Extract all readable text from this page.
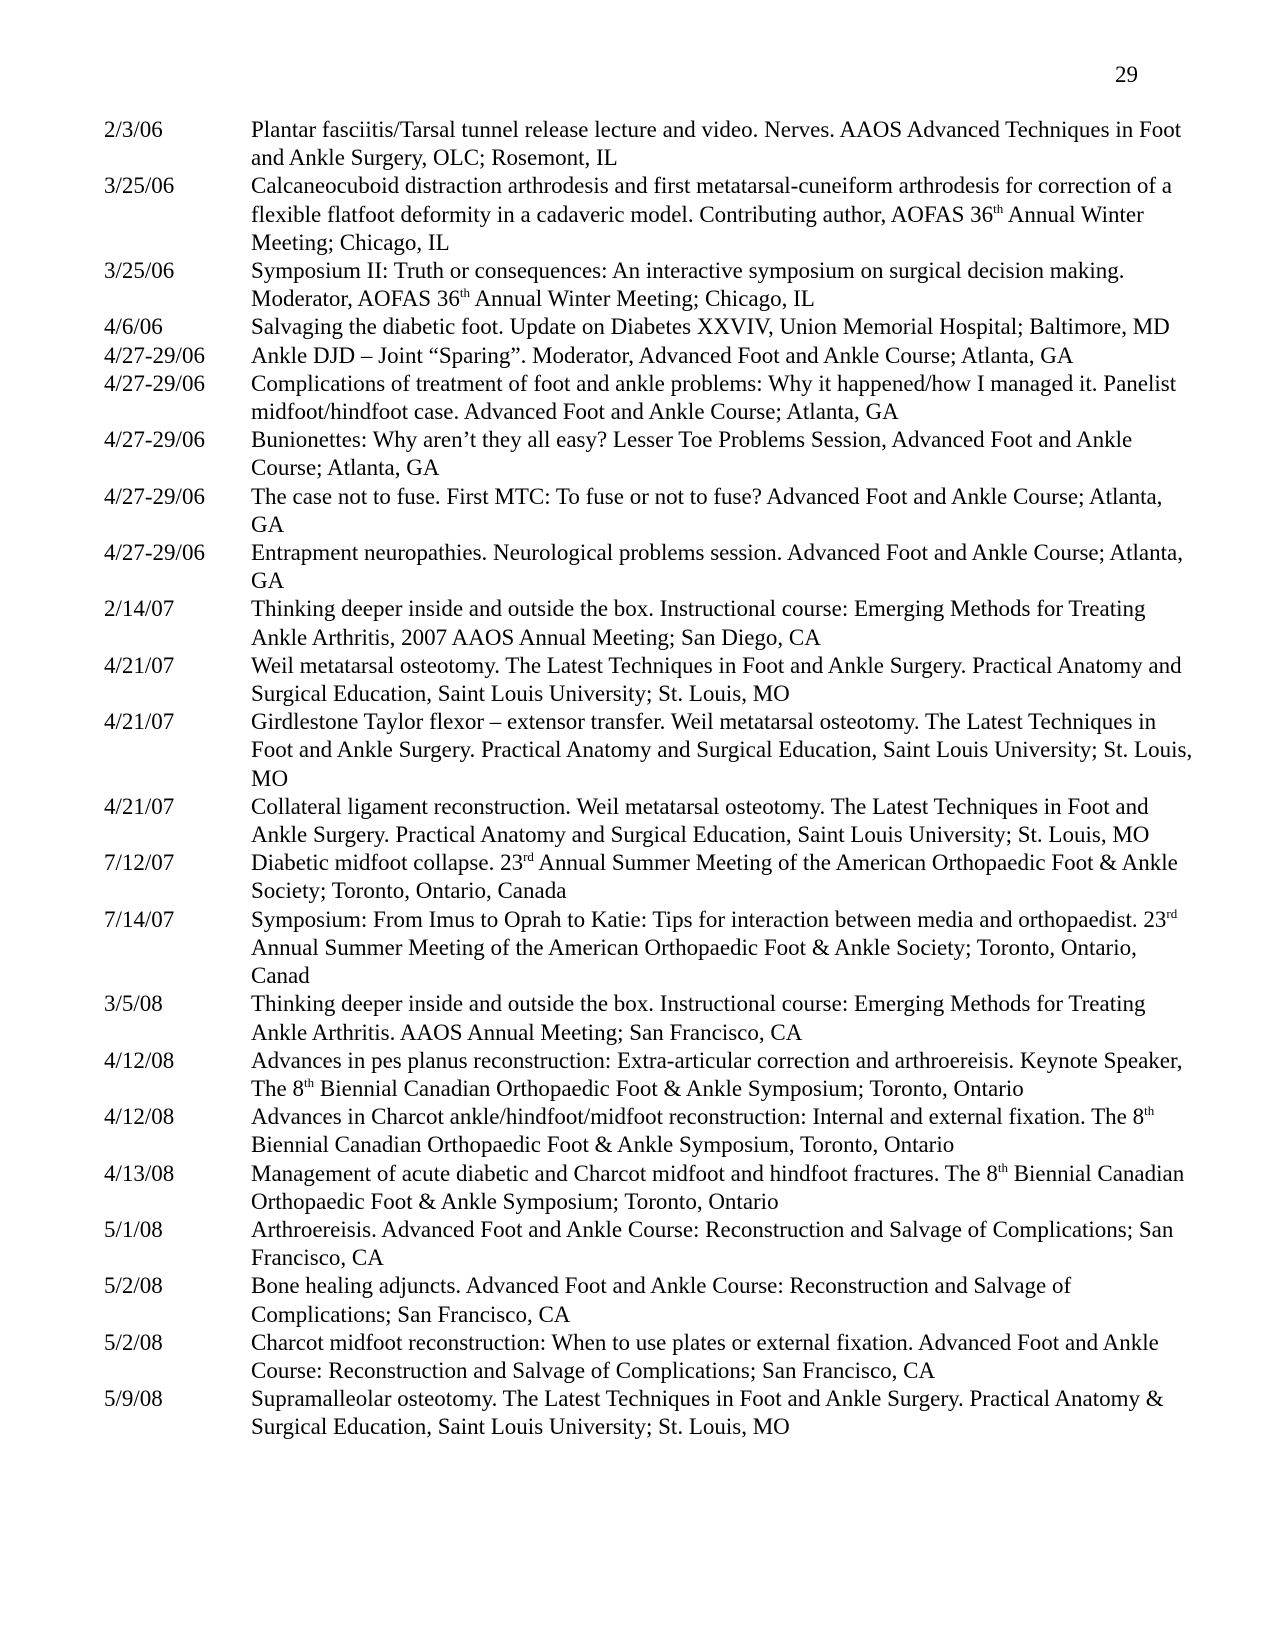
29
2/3/06	Plantar fasciitis/Tarsal tunnel release lecture and video. Nerves. AAOS Advanced Techniques in Foot and Ankle Surgery, OLC; Rosemont, IL
3/25/06	Calcaneocuboid distraction arthrodesis and first metatarsal-cuneiform arthrodesis for correction of a flexible flatfoot deformity in a cadaveric model. Contributing author, AOFAS 36th Annual Winter Meeting; Chicago, IL
3/25/06	Symposium II: Truth or consequences: An interactive symposium on surgical decision making. Moderator, AOFAS 36th Annual Winter Meeting; Chicago, IL
4/6/06	Salvaging the diabetic foot. Update on Diabetes XXVIV, Union Memorial Hospital; Baltimore, MD
4/27-29/06	Ankle DJD – Joint “Sparing”. Moderator, Advanced Foot and Ankle Course; Atlanta, GA
4/27-29/06	Complications of treatment of foot and ankle problems: Why it happened/how I managed it. Panelist midfoot/hindfoot case. Advanced Foot and Ankle Course; Atlanta, GA
4/27-29/06	Bunionettes: Why aren’t they all easy? Lesser Toe Problems Session, Advanced Foot and Ankle Course; Atlanta, GA
4/27-29/06	The case not to fuse. First MTC: To fuse or not to fuse? Advanced Foot and Ankle Course; Atlanta, GA
4/27-29/06	Entrapment neuropathies. Neurological problems session. Advanced Foot and Ankle Course; Atlanta, GA
2/14/07	Thinking deeper inside and outside the box. Instructional course: Emerging Methods for Treating Ankle Arthritis, 2007 AAOS Annual Meeting; San Diego, CA
4/21/07	Weil metatarsal osteotomy. The Latest Techniques in Foot and Ankle Surgery. Practical Anatomy and Surgical Education, Saint Louis University; St. Louis, MO
4/21/07	Girdlestone Taylor flexor – extensor transfer. Weil metatarsal osteotomy. The Latest Techniques in Foot and Ankle Surgery. Practical Anatomy and Surgical Education, Saint Louis University; St. Louis, MO
4/21/07	Collateral ligament reconstruction. Weil metatarsal osteotomy. The Latest Techniques in Foot and Ankle Surgery. Practical Anatomy and Surgical Education, Saint Louis University; St. Louis, MO
7/12/07	Diabetic midfoot collapse. 23rd Annual Summer Meeting of the American Orthopaedic Foot & Ankle Society; Toronto, Ontario, Canada
7/14/07	Symposium: From Imus to Oprah to Katie: Tips for interaction between media and orthopaedist. 23rd Annual Summer Meeting of the American Orthopaedic Foot & Ankle Society; Toronto, Ontario, Canad
3/5/08	Thinking deeper inside and outside the box. Instructional course: Emerging Methods for Treating Ankle Arthritis. AAOS Annual Meeting; San Francisco, CA
4/12/08	Advances in pes planus reconstruction: Extra-articular correction and arthroereisis. Keynote Speaker, The 8th Biennial Canadian Orthopaedic Foot & Ankle Symposium; Toronto, Ontario
4/12/08	Advances in Charcot ankle/hindfoot/midfoot reconstruction: Internal and external fixation. The 8th Biennial Canadian Orthopaedic Foot & Ankle Symposium, Toronto, Ontario
4/13/08	Management of acute diabetic and Charcot midfoot and hindfoot fractures. The 8th Biennial Canadian Orthopaedic Foot & Ankle Symposium; Toronto, Ontario
5/1/08	Arthroereisis. Advanced Foot and Ankle Course: Reconstruction and Salvage of Complications; San Francisco, CA
5/2/08	Bone healing adjuncts. Advanced Foot and Ankle Course: Reconstruction and Salvage of Complications; San Francisco, CA
5/2/08	Charcot midfoot reconstruction: When to use plates or external fixation. Advanced Foot and Ankle Course: Reconstruction and Salvage of Complications; San Francisco, CA
5/9/08	Supramalleolar osteotomy. The Latest Techniques in Foot and Ankle Surgery. Practical Anatomy & Surgical Education, Saint Louis University; St. Louis, MO
